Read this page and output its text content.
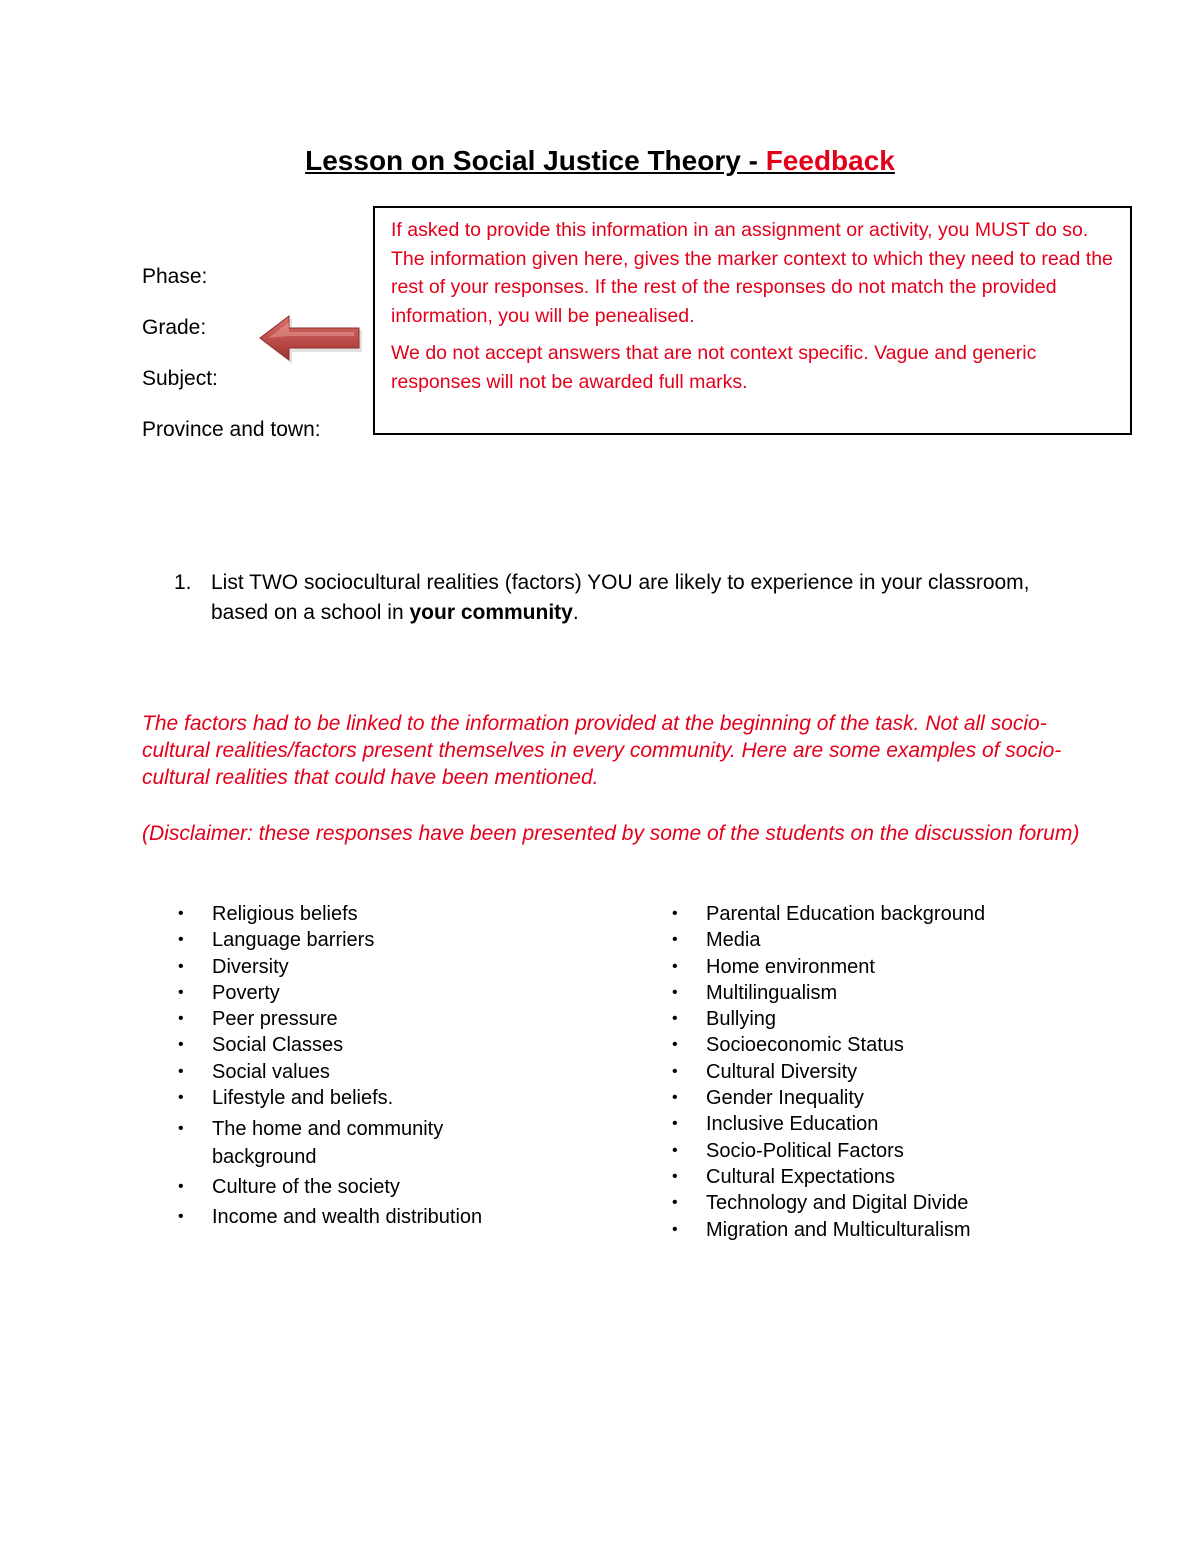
Lesson on Social Justice Theory - Feedback
Phase:
Grade:
Subject:
Province and town:

If asked to provide this information in an assignment or activity, you MUST do so. The information given here, gives the marker context to which they need to read the rest of your responses. If the rest of the responses do not match the provided information, you will be penealised.

We do not accept answers that are not context specific. Vague and generic responses will not be awarded full marks.

1. List TWO sociocultural realities (factors) YOU are likely to experience in your classroom, based on a school in your community.

The factors had to be linked to the information provided at the beginning of the task. Not all socio-cultural realities/factors present themselves in every community. Here are some examples of socio-cultural realities that could have been mentioned.

(Disclaimer: these responses have been presented by some of the students on the discussion forum)

• Religious beliefs
• Language barriers
• Diversity
• Poverty
• Peer pressure
• Social Classes
• Social values
• Lifestyle and beliefs.
• The home and community background
• Culture of the society
• Income and wealth distribution
• Parental Education background
• Media
• Home environment
• Multilingualism
• Bullying
• Socioeconomic Status
• Cultural Diversity
• Gender Inequality
• Inclusive Education
• Socio-Political Factors
• Cultural Expectations
• Technology and Digital Divide
• Migration and Multiculturalism
